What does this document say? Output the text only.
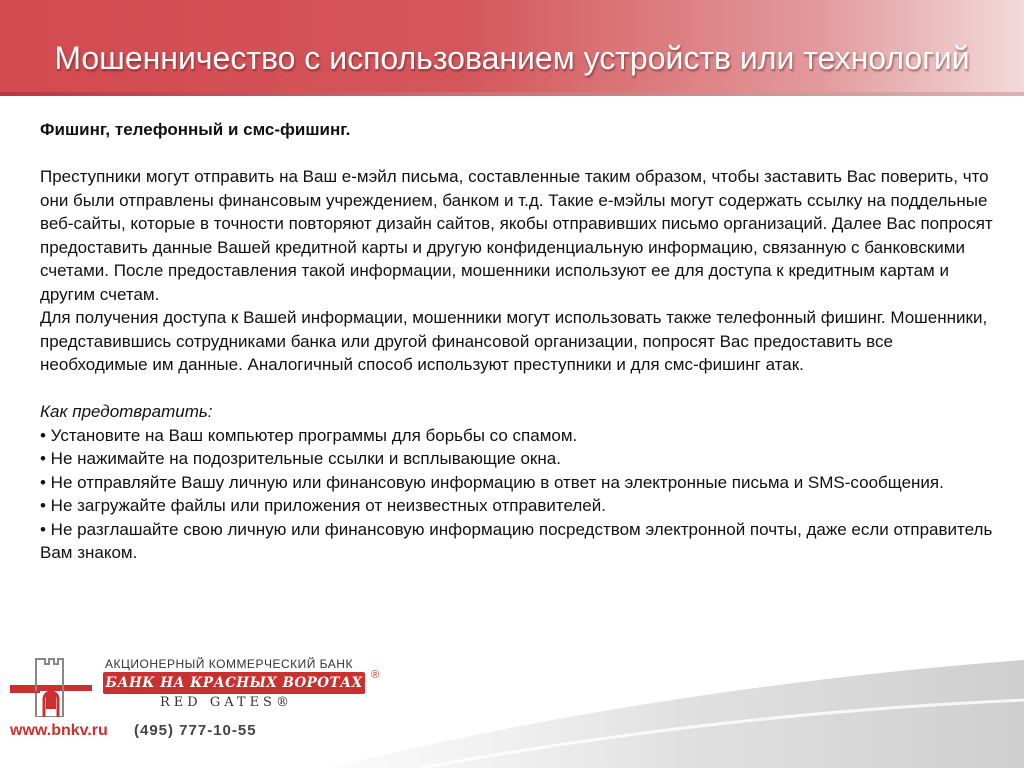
Мошенничество с использованием устройств или технологий

Фишинг, телефонный и смс-фишинг.

Преступники могут отправить на Ваш е-мэйл письма, составленные таким образом, чтобы заставить Вас поверить, что они были отправлены финансовым учреждением, банком и т.д. Такие е-мэйлы могут содержать ссылку на поддельные веб-сайты, которые в точности повторяют дизайн сайтов, якобы отправивших письмо организаций. Далее Вас попросят предоставить данные Вашей кредитной карты и другую конфиденциальную информацию, связанную с банковскими счетами. После предоставления такой информации, мошенники используют ее для доступа к кредитным картам и другим счетам.

Для получения доступа к Вашей информации, мошенники могут использовать также телефонный фишинг. Мошенники, представившись сотрудниками банка или другой финансовой организации, попросят Вас предоставить все необходимые им данные. Аналогичный способ используют преступники и для смс-фишинг атак.

Как предотвратить:

• Установите на Ваш компьютер программы для борьбы со спамом.

• Не нажимайте на подозрительные ссылки и всплывающие окна.

• Не отправляйте Вашу личную или финансовую информацию в ответ на электронные письма и SMS-сообщения.

• Не загружайте файлы или приложения от неизвестных отправителей.

• Не разглашайте свою личную или финансовую информацию посредством электронной почты, даже если отправитель Вам знаком.

АКЦИОНЕРНЫЙ КОММЕРЧЕСКИЙ БАНК
БАНК НА КРАСНЫХ ВОРОТАХ ®
RED GATES®
www.bnkv.ru (495) 777-10-55
